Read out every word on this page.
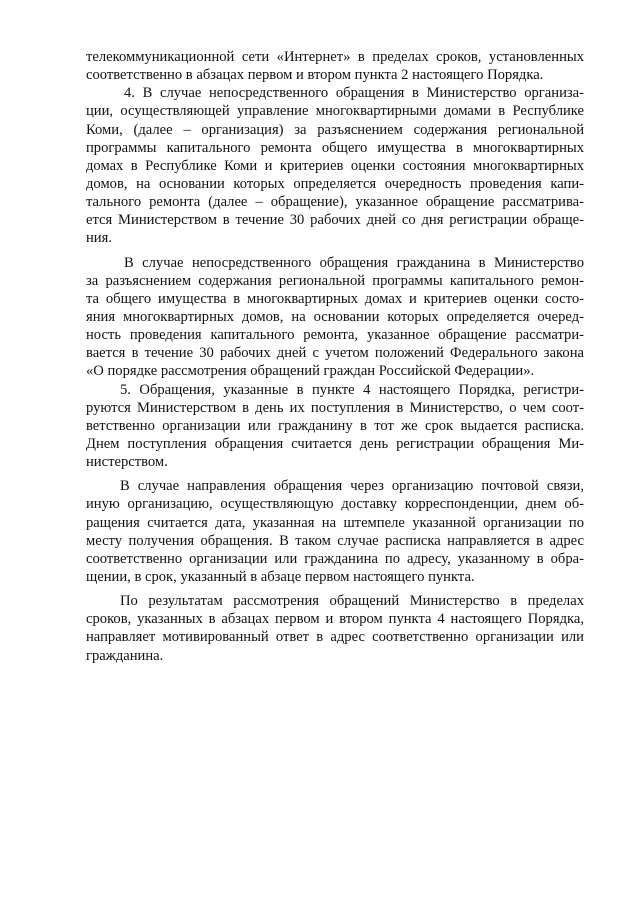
телекоммуникационной сети «Интернет» в пределах сроков, установленных
соответственно в абзацах первом и втором пункта 2 настоящего Порядка.
4. В случае непосредственного обращения в Министерство организа-
ции, осуществляющей управление многоквартирными домами в Республике
Коми, (далее – организация) за разъяснением содержания региональной
программы капитального ремонта общего имущества в многоквартирных
домах в Республике Коми и критериев оценки состояния многоквартирных
домов, на основании которых определяется очередность проведения капи-
тального ремонта (далее – обращение), указанное обращение рассматрива-
ется Министерством в течение 30 рабочих дней со дня регистрации обраще-
ния.
В случае непосредственного обращения гражданина в Министерство
за разъяснением содержания региональной программы капитального ремон-
та общего имущества в многоквартирных домах и критериев оценки состо-
яния многоквартирных домов, на основании которых определяется очеред-
ность проведения капитального ремонта, указанное обращение рассматри-
вается в течение 30 рабочих дней с учетом положений Федерального закона
«О порядке рассмотрения обращений граждан Российской Федерации».
5. Обращения, указанные в пункте 4 настоящего Порядка, регистри-
руются Министерством в день их поступления в Министерство, о чем соот-
ветственно организации или гражданину в тот же срок выдается расписка.
Днем поступления обращения считается день регистрации обращения Ми-
нистерством.
В случае направления обращения через организацию почтовой связи,
иную организацию, осуществляющую доставку корреспонденции, днем об-
ращения считается дата, указанная на штемпеле указанной организации по
месту получения обращения. В таком случае расписка направляется в адрес
соответственно организации или гражданина по адресу, указанному в обра-
щении, в срок, указанный в абзаце первом настоящего пункта.
По результатам рассмотрения обращений Министерство в пределах
сроков, указанных в абзацах первом и втором пункта 4 настоящего Порядка,
направляет мотивированный ответ в адрес соответственно организации или
гражданина.
